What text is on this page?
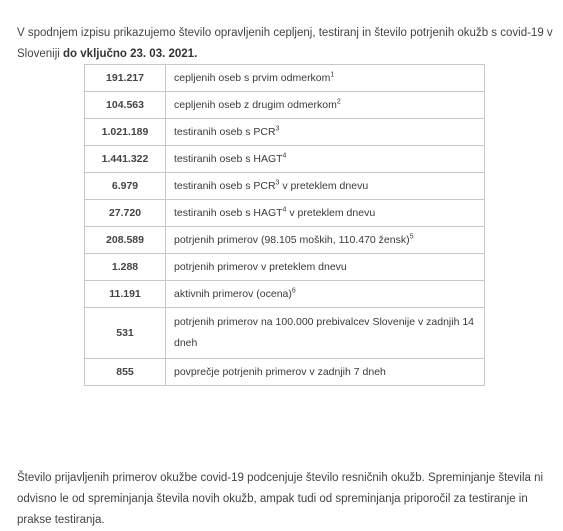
V spodnjem izpisu prikazujemo število opravljenih cepljenj, testiranj in število potrjenih okužb s covid-19 v Sloveniji do vključno 23. 03. 2021.

191.217	cepljenih oseb s prvim odmerkom$^1$
104.563	cepljenih oseb z drugim odmerkom$^2$
1.021.189	testiranih oseb s PCR$^3$
1.441.322	testiranih oseb s HAGT$^4$
6.979	testiranih oseb s PCR$^3$ v preteklem dnevu
27.720	testiranih oseb s HAGT$^4$ v preteklem dnevu
208.589	potrjenih primerov (98.105 moških, 110.470 žensk)$^5$
1.288	potrjenih primerov v preteklem dnevu
11.191	aktivnih primerov (ocena)$^6$
531	potrjenih primerov na 100.000 prebivalcev Slovenije v zadnjih 14 dneh
855	povprečje potrjenih primerov v zadnjih 7 dneh

Število prijavljenih primerov okužbe covid-19 podcenjuje število resničnih okužb. Spreminjanje števila ni odvisno le od spreminjanja števila novih okužb, ampak tudi od spreminjanja priporočil za testiranje in prakse testiranja.
